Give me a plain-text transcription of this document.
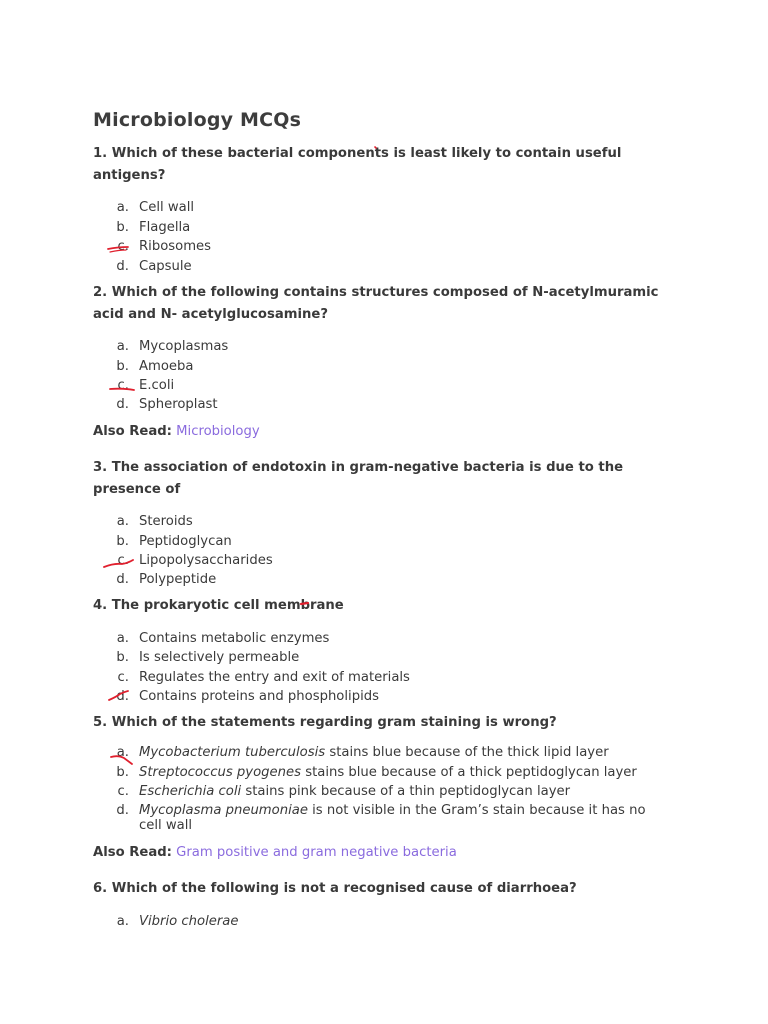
Microbiology MCQs
1. Which of these bacterial components is least likely to contain useful
antigens?
a. Cell wall
b. Flagella
c. Ribosomes
d. Capsule
2. Which of the following contains structures composed of N-acetylmuramic
acid and N- acetylglucosamine?
a. Mycoplasmas
b. Amoeba
c. E.coli
d. Spheroplast
Also Read: Microbiology
3. The association of endotoxin in gram-negative bacteria is due to the
presence of
a. Steroids
b. Peptidoglycan
c. Lipopolysaccharides
d. Polypeptide
4. The prokaryotic cell membrane
a. Contains metabolic enzymes
b. Is selectively permeable
c. Regulates the entry and exit of materials
d. Contains proteins and phospholipids
5. Which of the statements regarding gram staining is wrong?
a. Mycobacterium tuberculosis stains blue because of the thick lipid layer
b. Streptococcus pyogenes stains blue because of a thick peptidoglycan layer
c. Escherichia coli stains pink because of a thin peptidoglycan layer
d. Mycoplasma pneumoniae is not visible in the Gram’s stain because it has no
cell wall
Also Read: Gram positive and gram negative bacteria
6. Which of the following is not a recognised cause of diarrhoea?
a. Vibrio cholerae
